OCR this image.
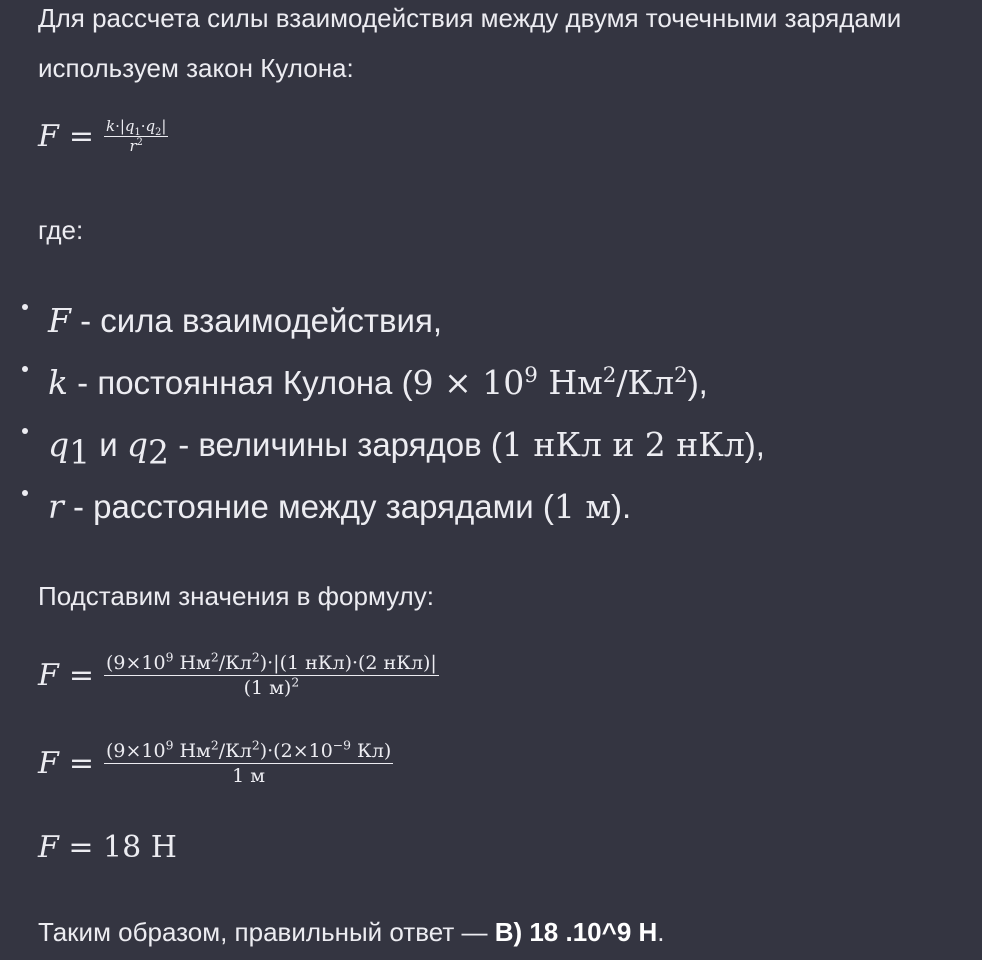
Для рассчета силы взаимодействия между двумя точечными зарядами
используем закон Кулона:
$F = \frac{k\cdot|q_1\cdot q_2|}{r^2}$
где:
F - сила взаимодействия,
k - постоянная Кулона ($9 \times 10^9$ $Нм^2/Кл^2$),
$q_1$ и $q_2$ - величины зарядов (1 нКл и 2 нКл),
r - расстояние между зарядами (1 м).
Подставим значения в формулу:
$F = \frac{(9\times 10^9 Нм^2/Кл^2)\cdot|(1 нКл)\cdot(2 нКл)|}{(1 м)^2}$
$F = \frac{(9\times 10^9 Нм^2/Кл^2)\cdot(2\times 10^{-9} Кл)}{1 м}$
F = 18 Н
Таким образом, правильный ответ — В) 18 .10^9 Н.
